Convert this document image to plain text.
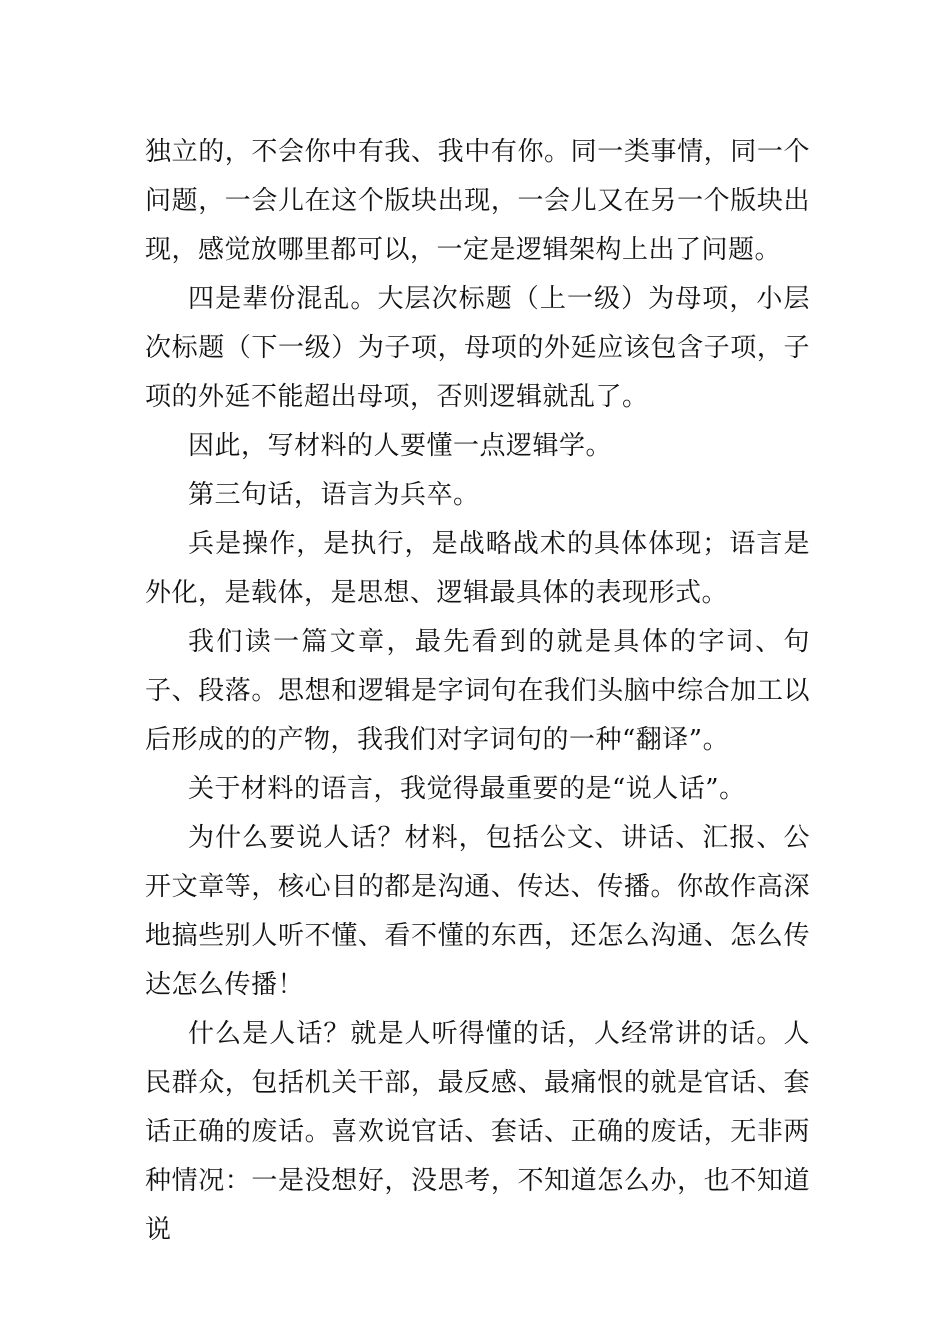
独立的，不会你中有我、我中有你。同一类事情，同一个问题，一会儿在这个版块出现，一会儿又在另一个版块出现，感觉放哪里都可以，一定是逻辑架构上出了问题。

四是辈份混乱。大层次标题（上一级）为母项，小层次标题（下一级）为子项，母项的外延应该包含子项，子项的外延不能超出母项，否则逻辑就乱了。

因此，写材料的人要懂一点逻辑学。

第三句话，语言为兵卒。

兵是操作，是执行，是战略战术的具体体现；语言是外化，是载体，是思想、逻辑最具体的表现形式。

我们读一篇文章，最先看到的就是具体的字词、句子、段落。思想和逻辑是字词句在我们头脑中综合加工以后形成的的产物，我我们对字词句的一种“翻译”。

关于材料的语言，我觉得最重要的是“说人话”。

为什么要说人话？材料，包括公文、讲话、汇报、公开文章等，核心目的都是沟通、传达、传播。你故作高深地搞些别人听不懂、看不懂的东西，还怎么沟通、怎么传达怎么传播！

什么是人话？就是人听得懂的话，人经常讲的话。人民群众，包括机关干部，最反感、最痛恨的就是官话、套话正确的废话。喜欢说官话、套话、正确的废话，无非两种情况：一是没想好，没思考，不知道怎么办，也不知道说
